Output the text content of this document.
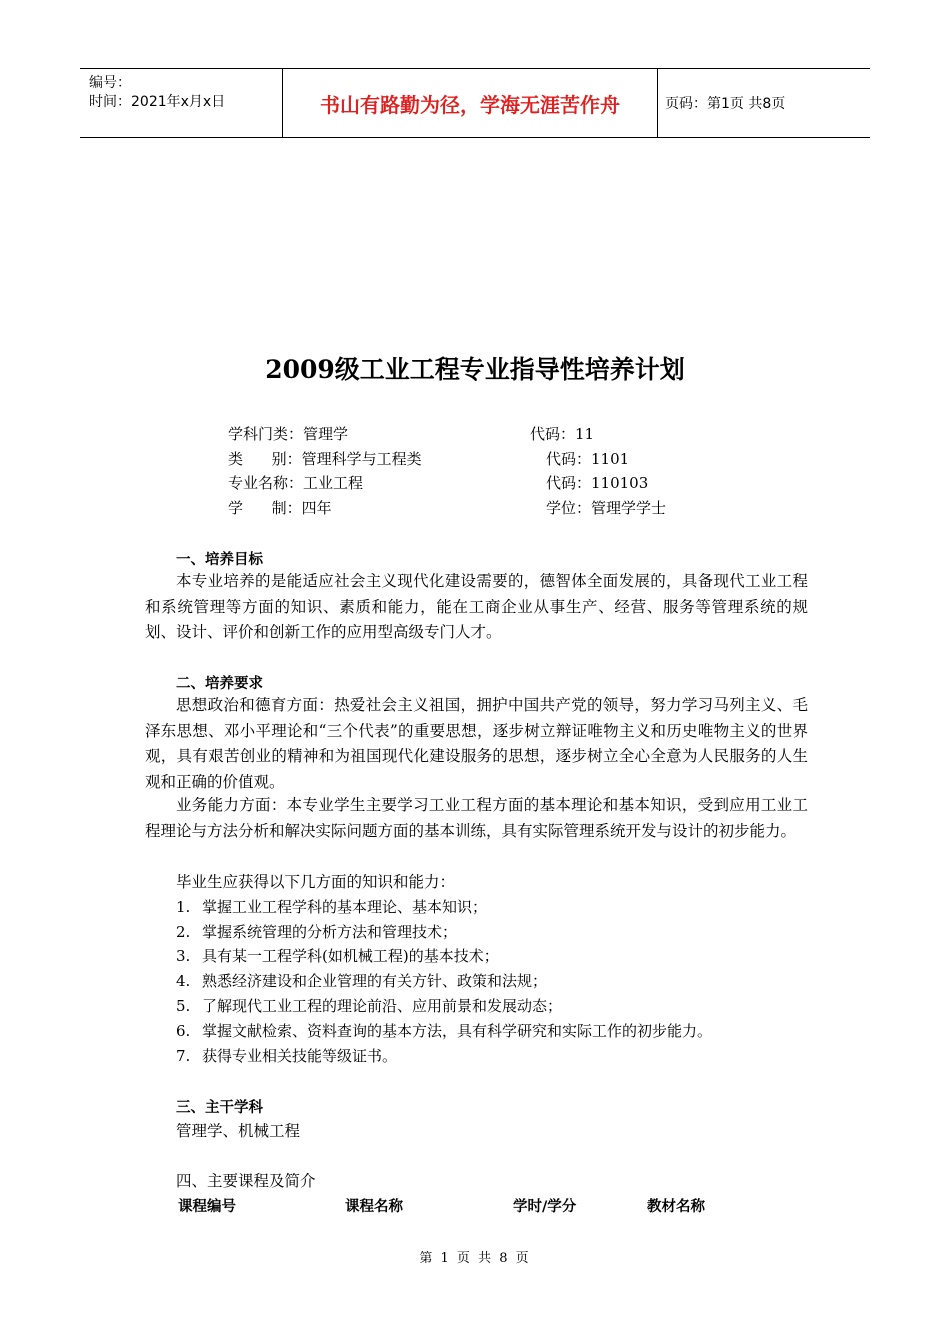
编号：
时间：2021年x月x日	书山有路勤为径，学海无涯苦作舟	页码：第1页 共8页
2009级工业工程专业指导性培养计划
学科门类：管理学	代码：11
类      别：管理科学与工程类	代码：1101
专业名称：工业工程	代码：110103
学      制：四年	学位：管理学学士
一、培养目标
本专业培养的是能适应社会主义现代化建设需要的，德智体全面发展的，具备现代工业工程和系统管理等方面的知识、素质和能力，能在工商企业从事生产、经营、服务等管理系统的规划、设计、评价和创新工作的应用型高级专门人才。
二、培养要求
思想政治和德育方面：热爱社会主义祖国，拥护中国共产党的领导，努力学习马列主义、毛泽东思想、邓小平理论和“三个代表”的重要思想，逐步树立辩证唯物主义和历史唯物主义的世界观，具有艰苦创业的精神和为祖国现代化建设服务的思想，逐步树立全心全意为人民服务的人生观和正确的价值观。
业务能力方面：本专业学生主要学习工业工程方面的基本理论和基本知识，受到应用工业工程理论与方法分析和解决实际问题方面的基本训练，具有实际管理系统开发与设计的初步能力。
毕业生应获得以下几方面的知识和能力：
1. 掌握工业工程学科的基本理论、基本知识；
2. 掌握系统管理的分析方法和管理技术；
3. 具有某一工程学科(如机械工程)的基本技术；
4. 熟悉经济建设和企业管理的有关方针、政策和法规；
5. 了解现代工业工程的理论前沿、应用前景和发展动态；
6. 掌握文献检索、资料查询的基本方法，具有科学研究和实际工作的初步能力。
7. 获得专业相关技能等级证书。
三、主干学科
管理学、机械工程
四、主要课程及简介
课程编号	课程名称	学时/学分	教材名称
第 1 页 共 8 页
